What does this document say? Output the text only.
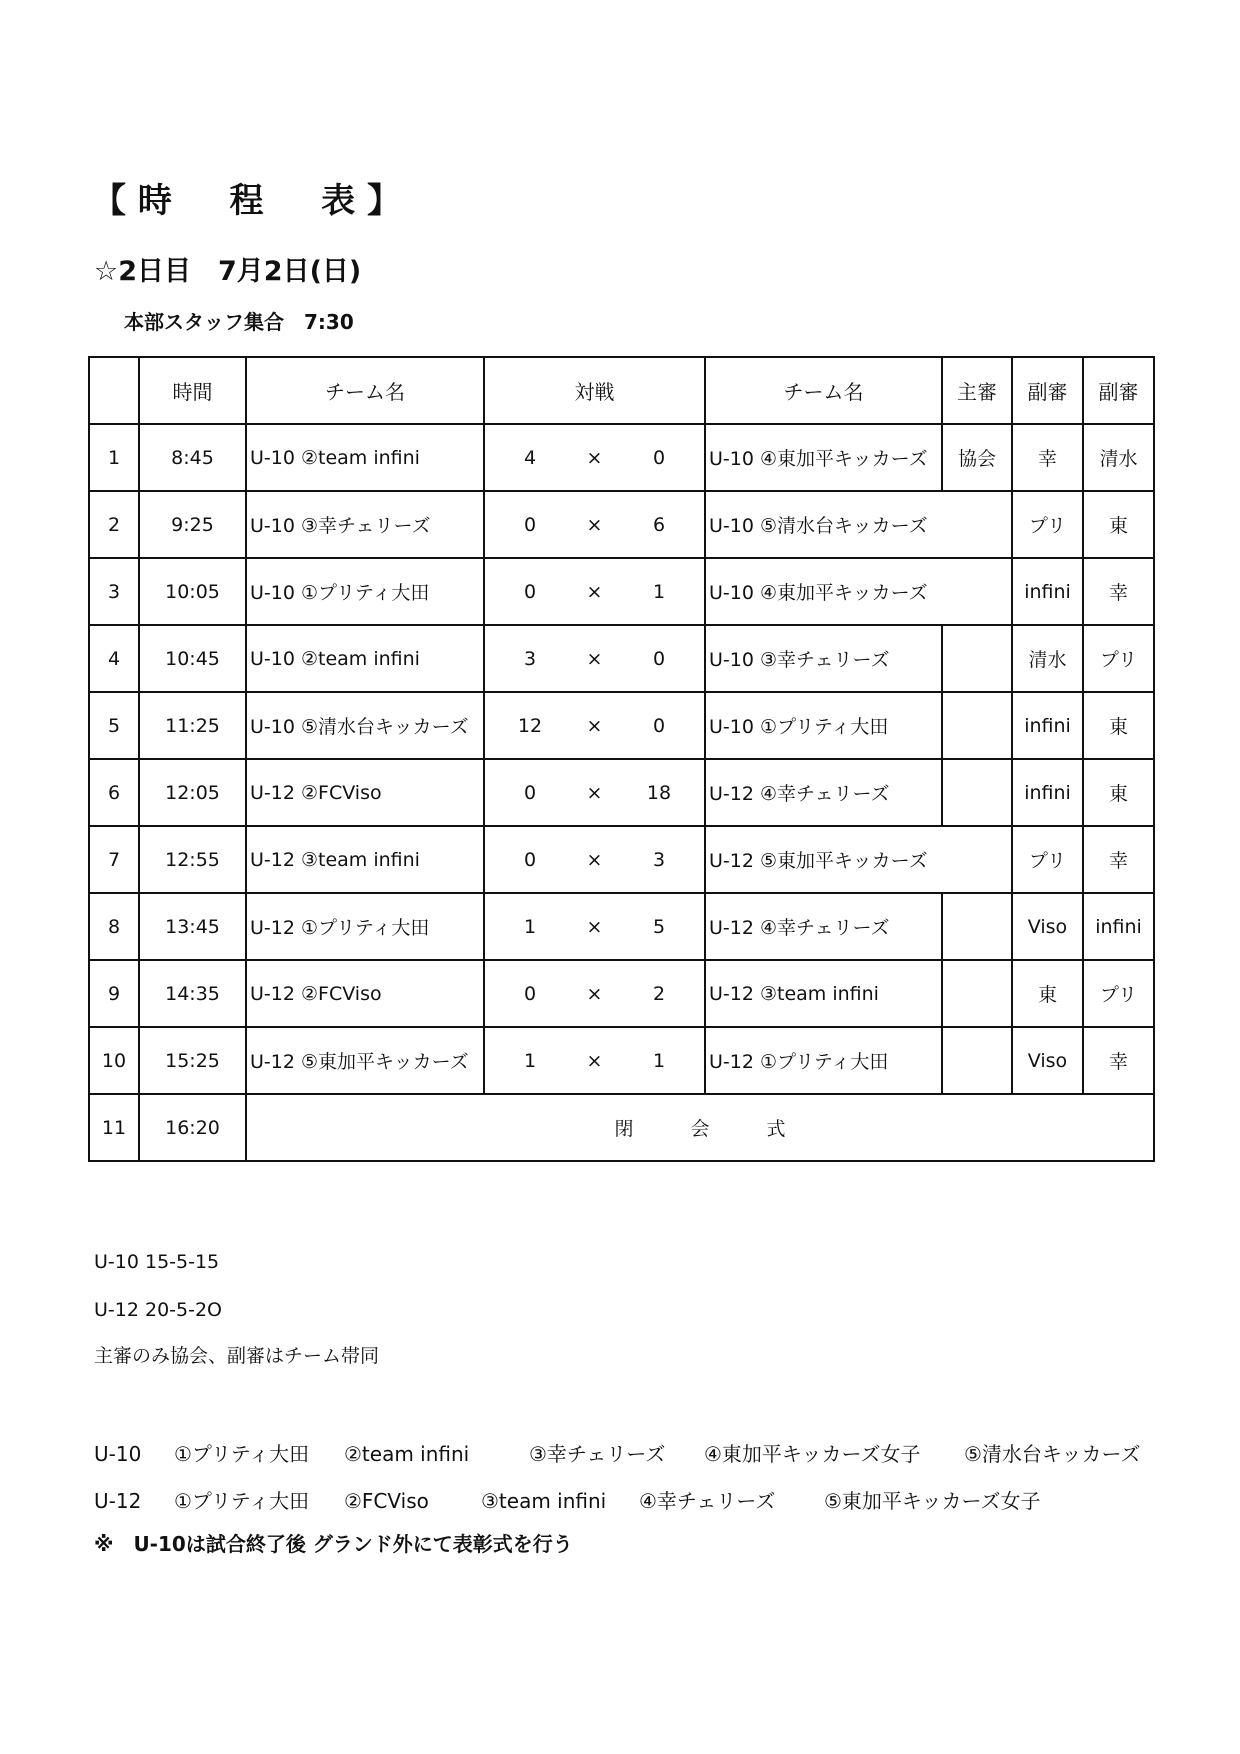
【 時 　 程 　 表 】
☆2日目　7月2日(日)
本部スタッフ集合　7:30
	時間	チーム名	対戦	チーム名	主審	副審	副審
1	8:45	U-10 ②team infini	4 × 0	U-10 ④東加平キッカーズ	協会	幸	清水
2	9:25	U-10 ③幸チェリーズ	0 × 6	U-10 ⑤清水台キッカーズ		プリ	東
3	10:05	U-10 ①プリティ大田	0 × 1	U-10 ④東加平キッカーズ		infini	幸
4	10:45	U-10 ②team infini	3 × 0	U-10 ③幸チェリーズ		清水	プリ
5	11:25	U-10 ⑤清水台キッカーズ	12 × 0	U-10 ①プリティ大田		infini	東
6	12:05	U-12 ②FCViso	0 × 18	U-12 ④幸チェリーズ		infini	東
7	12:55	U-12 ③team infini	0 × 3	U-12 ⑤東加平キッカーズ		プリ	幸
8	13:45	U-12 ①プリティ大田	1 × 5	U-12 ④幸チェリーズ		Viso	infini
9	14:35	U-12 ②FCViso	0 × 2	U-12 ③team infini		東	プリ
10	15:25	U-12 ⑤東加平キッカーズ	1 × 1	U-12 ①プリティ大田		Viso	幸
11	16:20	閉　　　会　　　式					
U-10 15-5-15
U-12 20-5-2O
主審のみ協会、副審はチーム帯同
U-10 ①プリティ大田 ②team infini	③幸チェリーズ ④東加平キッカーズ女子 ⑤清水台キッカーズ
U-12 ①プリティ大田 ②FCViso	③team infini ④幸チェリーズ ⑤東加平キッカーズ女子
※　U-10は試合終了後 グランド外にて表彰式を行う
